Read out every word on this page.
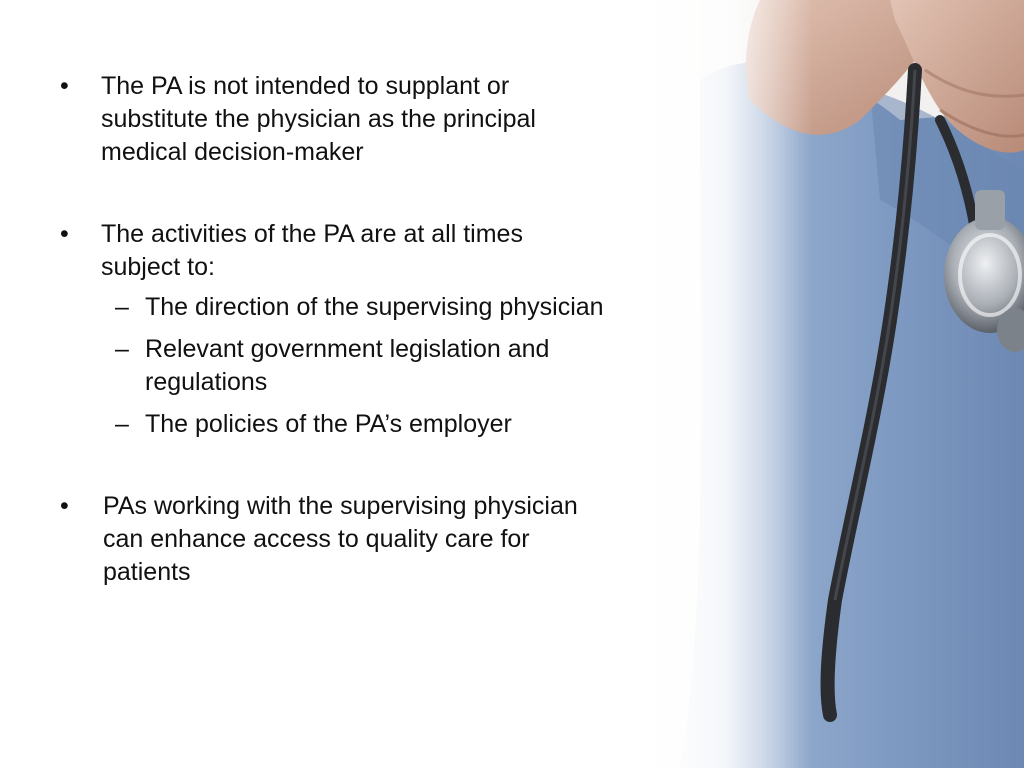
•	The PA is not intended to supplant or
substitute the physician as the principal
medical decision-maker
•	The activities of the PA are at all times
subject to:
– The direction of the supervising physician
– Relevant government legislation and
regulations
– The policies of the PA’s employer
•	PAs working with the supervising physician
can enhance access to quality care for
patients
